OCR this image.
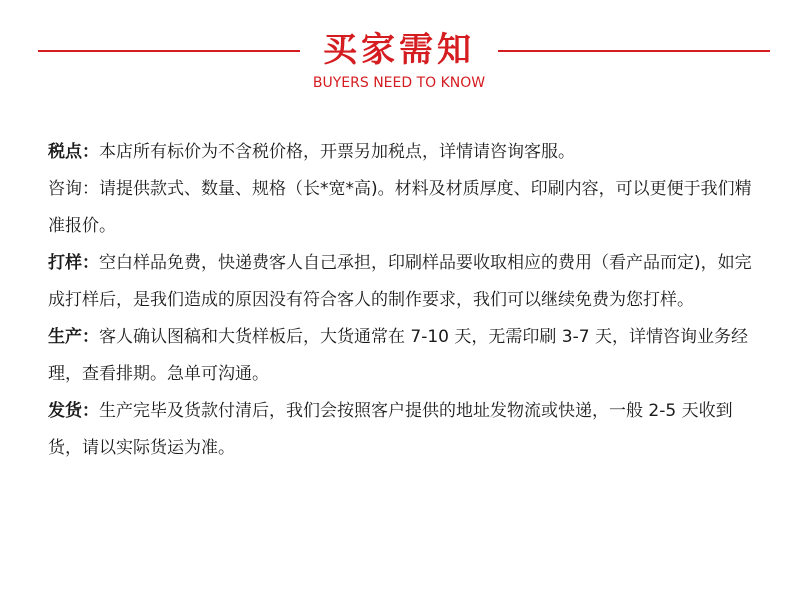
买家需知
BUYERS NEED TO KNOW

税点：本店所有标价为不含税价格，开票另加税点，详情请咨询客服。

咨询：请提供款式、数量、规格（长*宽*高)。材料及材质厚度、印刷内容，可以更便于我们精准报价。

打样：空白样品免费，快递费客人自己承担，印刷样品要收取相应的费用（看产品而定)，如完成打样后，是我们造成的原因没有符合客人的制作要求，我们可以继续免费为您打样。

生产：客人确认图稿和大货样板后，大货通常在 7-10 天，无需印刷 3-7 天，详情咨询业务经理，查看排期。急单可沟通。

发货：生产完毕及货款付清后，我们会按照客户提供的地址发物流或快递，一般 2-5 天收到货，请以实际货运为准。
